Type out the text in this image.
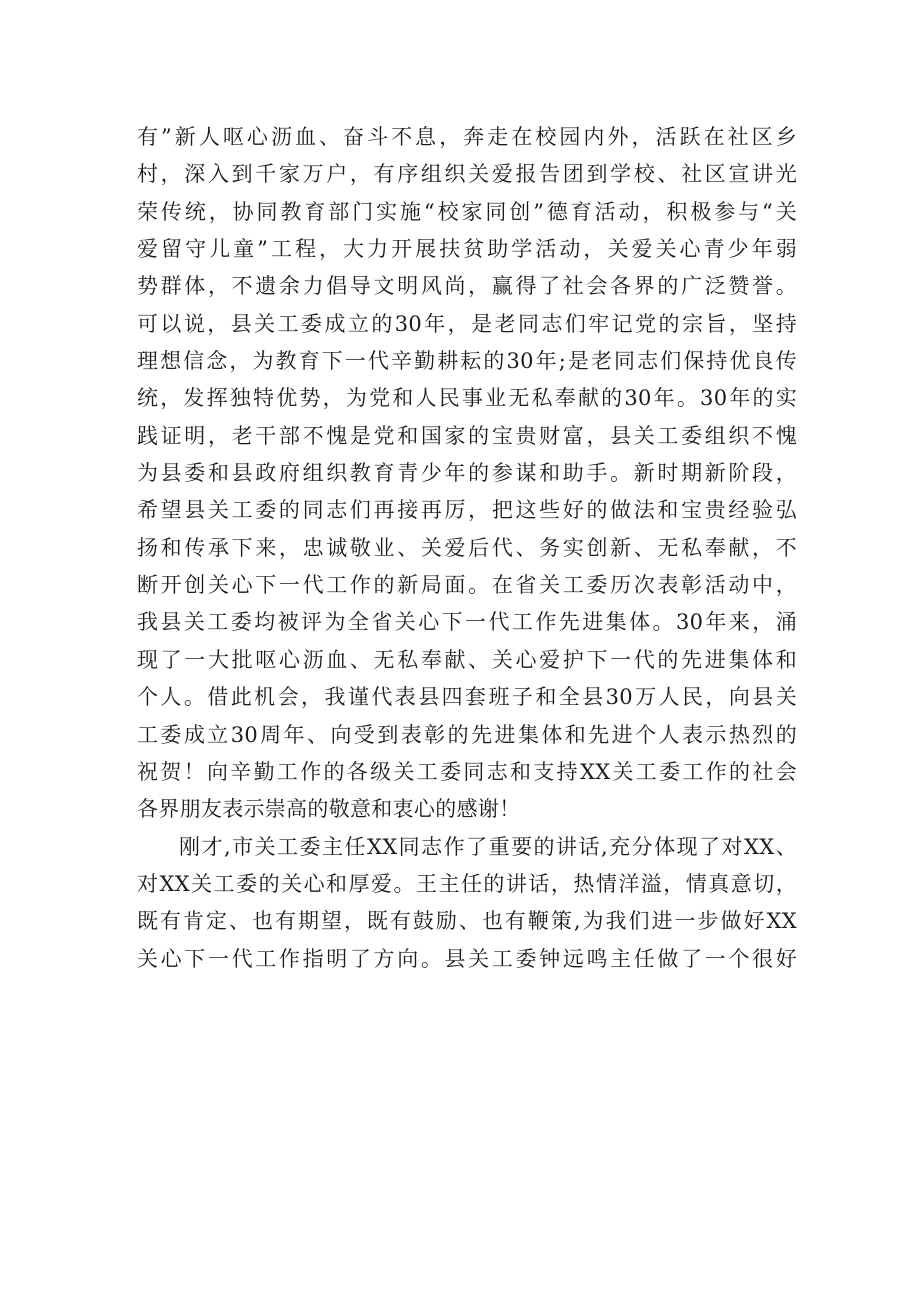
有”新人呕心沥血、奋斗不息，奔走在校园内外，活跃在社区乡
村，深入到千家万户，有序组织关爱报告团到学校、社区宣讲光
荣传统，协同教育部门实施“校家同创”德育活动，积极参与“关
爱留守儿童”工程，大力开展扶贫助学活动，关爱关心青少年弱
势群体，不遗余力倡导文明风尚，赢得了社会各界的广泛赞誉。
可以说，县关工委成立的30年，是老同志们牢记党的宗旨，坚持
理想信念，为教育下一代辛勤耕耘的30年;是老同志们保持优良传
统，发挥独特优势，为党和人民事业无私奉献的30年。30年的实
践证明，老干部不愧是党和国家的宝贵财富，县关工委组织不愧
为县委和县政府组织教育青少年的参谋和助手。新时期新阶段，
希望县关工委的同志们再接再厉，把这些好的做法和宝贵经验弘
扬和传承下来，忠诚敬业、关爱后代、务实创新、无私奉献，不
断开创关心下一代工作的新局面。在省关工委历次表彰活动中，
我县关工委均被评为全省关心下一代工作先进集体。30年来，涌
现了一大批呕心沥血、无私奉献、关心爱护下一代的先进集体和
个人。借此机会，我谨代表县四套班子和全县30万人民，向县关
工委成立30周年、向受到表彰的先进集体和先进个人表示热烈的
祝贺！向辛勤工作的各级关工委同志和支持XX关工委工作的社会
各界朋友表示崇高的敬意和衷心的感谢！
刚才,市关工委主任XX同志作了重要的讲话,充分体现了对XX、
对XX关工委的关心和厚爱。王主任的讲话，热情洋溢，情真意切，
既有肯定、也有期望，既有鼓励、也有鞭策,为我们进一步做好XX
关心下一代工作指明了方向。县关工委钟远鸣主任做了一个很好
